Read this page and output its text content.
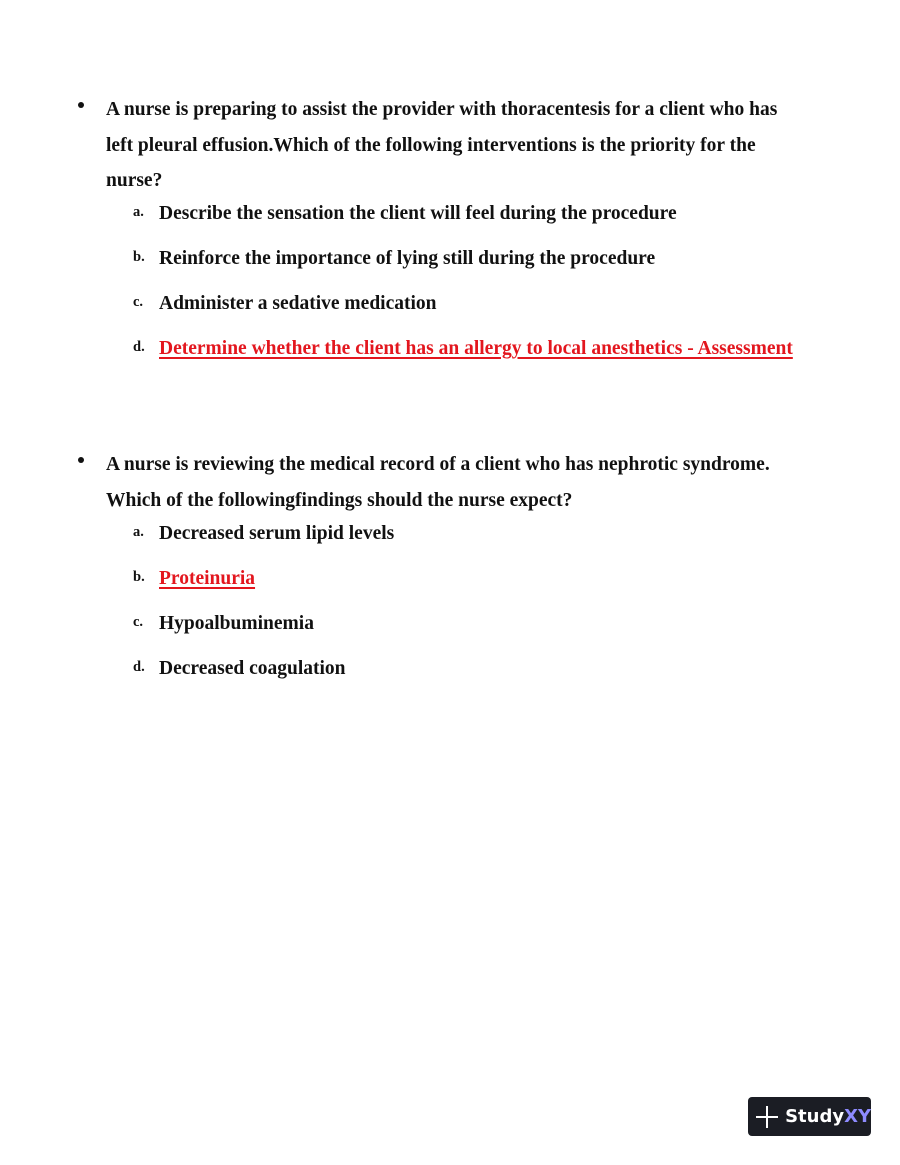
A nurse is preparing to assist the provider with thoracentesis for a client who has left pleural effusion.Which of the following interventions is the priority for the nurse?

a. Describe the sensation the client will feel during the procedure
b. Reinforce the importance of lying still during the procedure
c. Administer a sedative medication
d. Determine whether the client has an allergy to local anesthetics - Assessment

A nurse is reviewing the medical record of a client who has nephrotic syndrome. Which of the followingfindings should the nurse expect?

a. Decreased serum lipid levels
b. Proteinuria
c. Hypoalbuminemia
d. Decreased coagulation
Study XY
